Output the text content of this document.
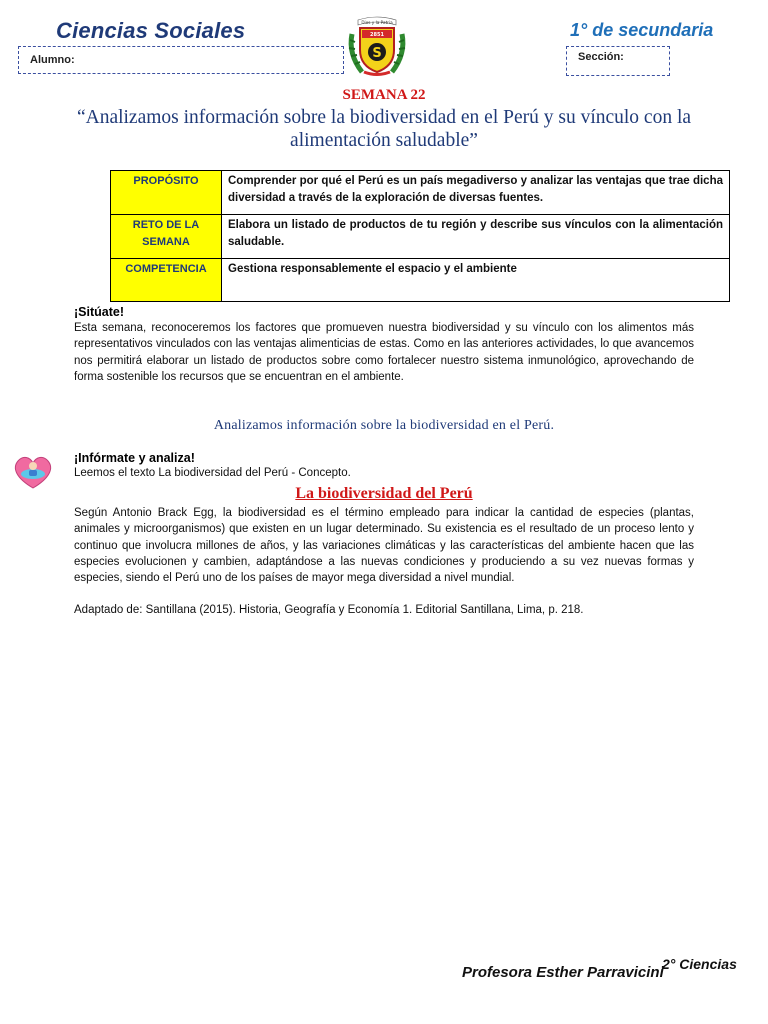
Ciencias Sociales
Alumno:	S
2851
Dios y la Patria	1° de secundaria
Sección:
SEMANA 22
“Analizamos información sobre la biodiversidad en el Perú y su vínculo con la alimentación saludable”
PROPÓSITO	Comprender por qué el Perú es un país megadiverso y analizar las ventajas que trae dicha diversidad a través de la exploración de diversas fuentes.
RETO DE LA SEMANA	Elabora un listado de productos de tu región y describe sus vínculos con la alimentación saludable.
COMPETENCIA	Gestiona responsablemente el espacio y el ambiente
¡Sitúate!
Esta semana, reconoceremos los factores que promueven nuestra biodiversidad y su vínculo con los alimentos más representativos vinculados con las ventajas alimenticias de estas. Como en las anteriores actividades, lo que avancemos nos permitirá elaborar un listado de productos sobre como fortalecer nuestro sistema inmunológico, aprovechando de forma sostenible los recursos que se encuentran en el ambiente.
Analizamos información sobre la biodiversidad en el Perú.
¡Infórmate y analiza!
Leemos el texto La biodiversidad del Perú - Concepto.
La biodiversidad del Perú
Según Antonio Brack Egg, la biodiversidad es el término empleado para indicar la cantidad de especies (plantas, animales y microorganismos) que existen en un lugar determinado. Su existencia es el resultado de un proceso lento y continuo que involucra millones de años, y las variaciones climáticas y las características del ambiente hacen que las especies evolucionen y cambien, adaptándose a las nuevas condiciones y produciendo a su vez nuevas formas y especies, siendo el Perú uno de los países de mayor mega diversidad a nivel mundial.
Adaptado de: Santillana (2015). Historia, Geografía y Economía 1. Editorial Santillana, Lima, p. 218.
Profesora Esther Parravicini
2° Ciencias
